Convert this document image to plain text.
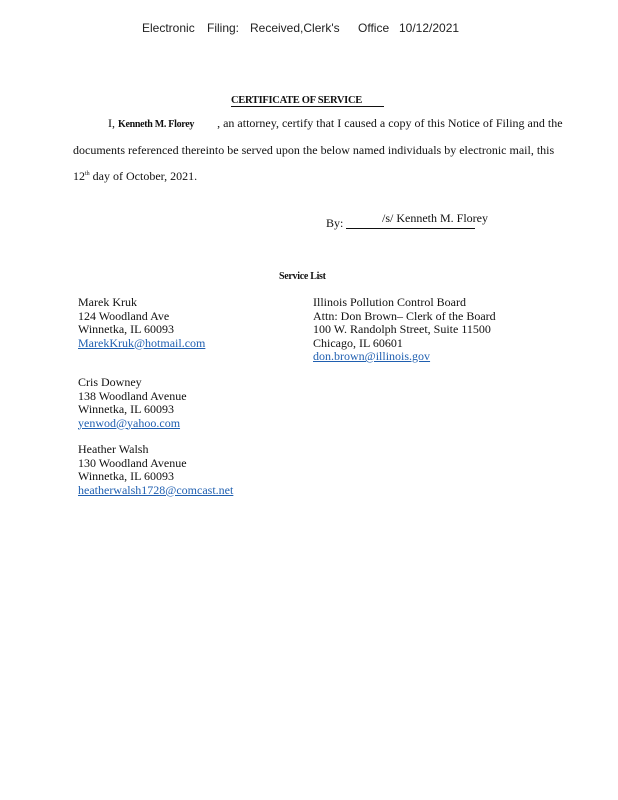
Electronic Filing: Received,Clerk's Office 10/12/2021
CERTIFICATE OF SERVICE
I, Kenneth M. Florey , an attorney, certify that I caused a copy of this Notice of Filing and the
documents referenced thereinto be served upon the below named individuals by electronic mail, this
12th day of October, 2021.
By:	/s/ Kenneth M. Florey
Service List
Marek Kruk
124 Woodland Ave
Winnetka, IL 60093
MarekKruk@hotmail.com
Cris Downey
138 Woodland Avenue
Winnetka, IL 60093
yenwod@yahoo.com
Heather Walsh
130 Woodland Avenue
Winnetka, IL 60093
heatherwalsh1728@comcast.net
Illinois Pollution Control Board
Attn: Don Brown– Clerk of the Board
100 W. Randolph Street, Suite 11500
Chicago, IL 60601
don.brown@illinois.gov
